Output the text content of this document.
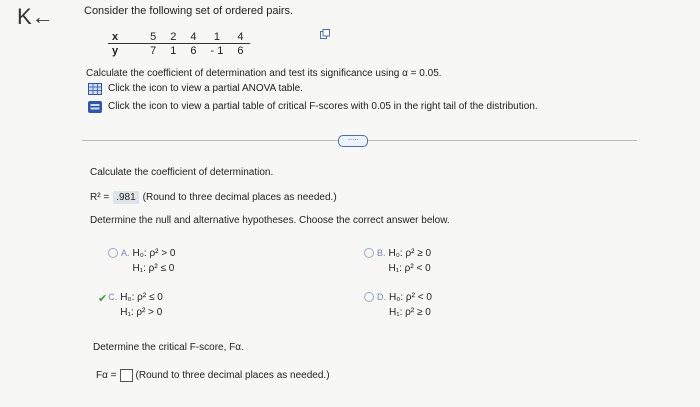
K←	Consider the following set of ordered pairs.
x	5	2	4	1	4
y	7	1	6	- 1	6
Calculate the coefficient of determination and test its significance using α = 0.05.
Click the icon to view a partial ANOVA table.
Click the icon to view a partial table of critical F-scores with 0.05 in the right tail of the distribution.
·····
Calculate the coefficient of determination.
R² = .981 (Round to three decimal places as needed.)
Determine the null and alternative hypotheses. Choose the correct answer below.
A. H₀: ρ² > 0
H₁: ρ² ≤ 0
B. H₀: ρ² ≥ 0
H₁: ρ² < 0
✔ C. H₀: ρ² ≤ 0
H₁: ρ² > 0
D. H₀: ρ² < 0
H₁: ρ² ≥ 0
Determine the critical F-score, Fα.
Fα = (Round to three decimal places as needed.)
